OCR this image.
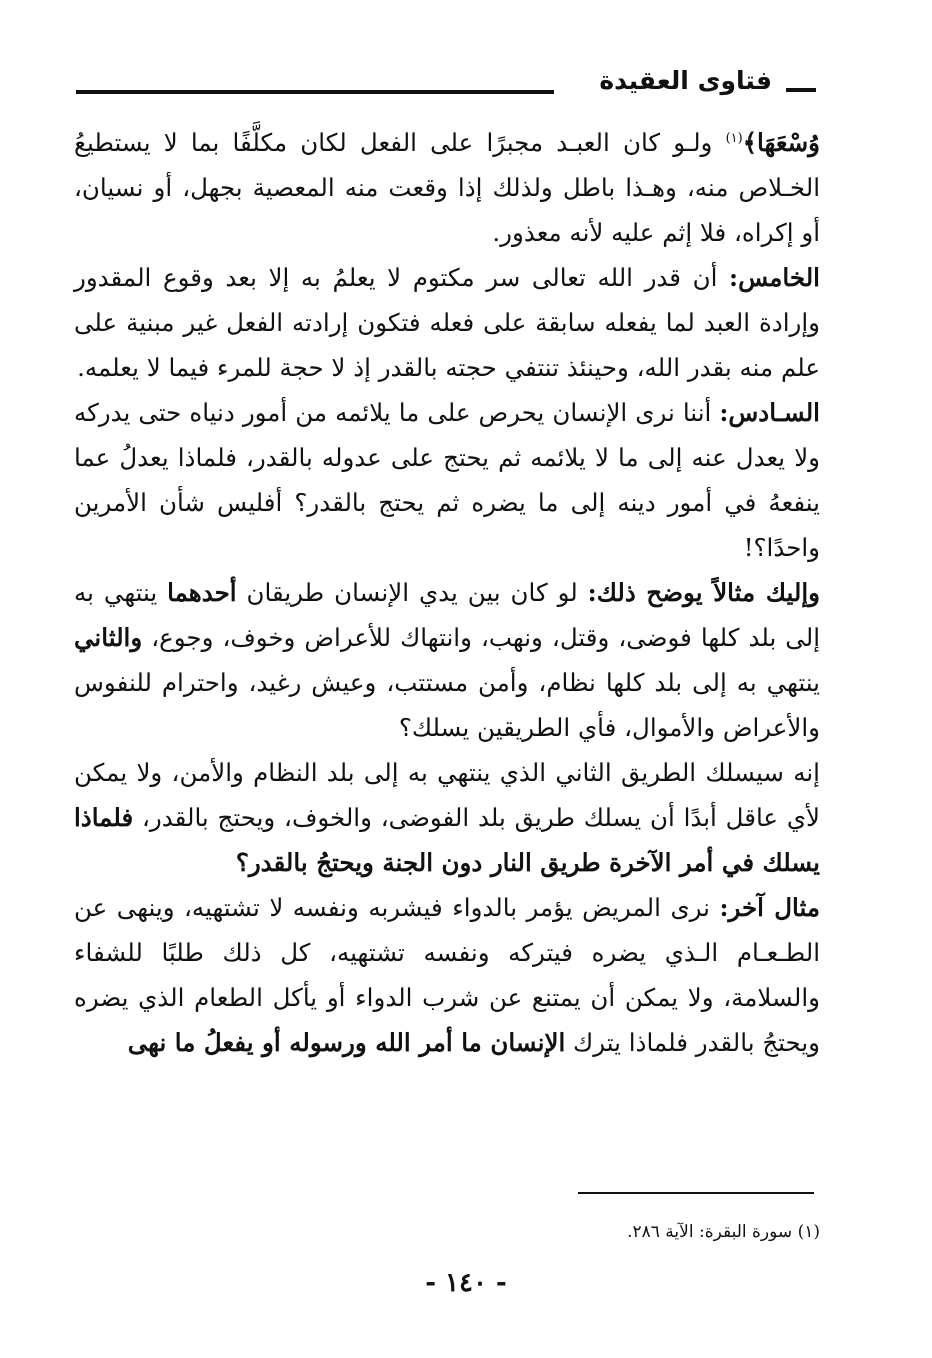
فتاوى العقيدة

وُسْعَهَا﴾$^{(١)}$ ولـو كان العبـد مجبرًا على الفعل لكان مكلَّفًا بما لا يستطيعُ الخـلاص منه، وهـذا باطل ولذلك إذا وقعت منه المعصية بجهل، أو نسيان، أو إكراه، فلا إثم عليه لأنه معذور.

الخامس: أن قدر الله تعالى سر مكتوم لا يعلمُ به إلا بعد وقوع المقدور وإرادة العبد لما يفعله سابقة على فعله فتكون إرادته الفعل غير مبنية على علم منه بقدر الله، وحينئذ تنتفي حجته بالقدر إذ لا حجة للمرء فيما لا يعلمه.

السـادس: أننا نرى الإنسان يحرص على ما يلائمه من أمور دنياه حتى يدركه ولا يعدل عنه إلى ما لا يلائمه ثم يحتج على عدوله بالقدر، فلماذا يعدلُ عما ينفعهُ في أمور دينه إلى ما يضره ثم يحتج بالقدر؟ أفليس شأن الأمرين واحدًا؟!

وإليك مثالاً يوضح ذلك: لو كان بين يدي الإنسان طريقان أحدهما ينتهي به إلى بلد كلها فوضى، وقتل، ونهب، وانتهاك للأعراض وخوف، وجوع، والثاني ينتهي به إلى بلد كلها نظام، وأمن مستتب، وعيش رغيد، واحترام للنفوس والأعراض والأموال، فأي الطريقين يسلك؟

إنه سيسلك الطريق الثاني الذي ينتهي به إلى بلد النظام والأمن، ولا يمكن لأي عاقل أبدًا أن يسلك طريق بلد الفوضى، والخوف، ويحتج بالقدر، فلماذا يسلك في أمر الآخرة طريق النار دون الجنة ويحتجُ بالقدر؟

مثال آخر: نرى المريض يؤمر بالدواء فيشربه ونفسه لا تشتهيه، وينهى عن الطـعـام الـذي يضره فيتركه ونفسه تشتهيه، كل ذلك طلبًا للشفاء والسلامة، ولا يمكن أن يمتنع عن شرب الدواء أو يأكل الطعام الذي يضره ويحتجُ بالقدر فلماذا يترك الإنسان ما أمر الله ورسوله أو يفعلُ ما نهى

(١) سورة البقرة: الآية ٢٨٦.
- ١٤٠ -
